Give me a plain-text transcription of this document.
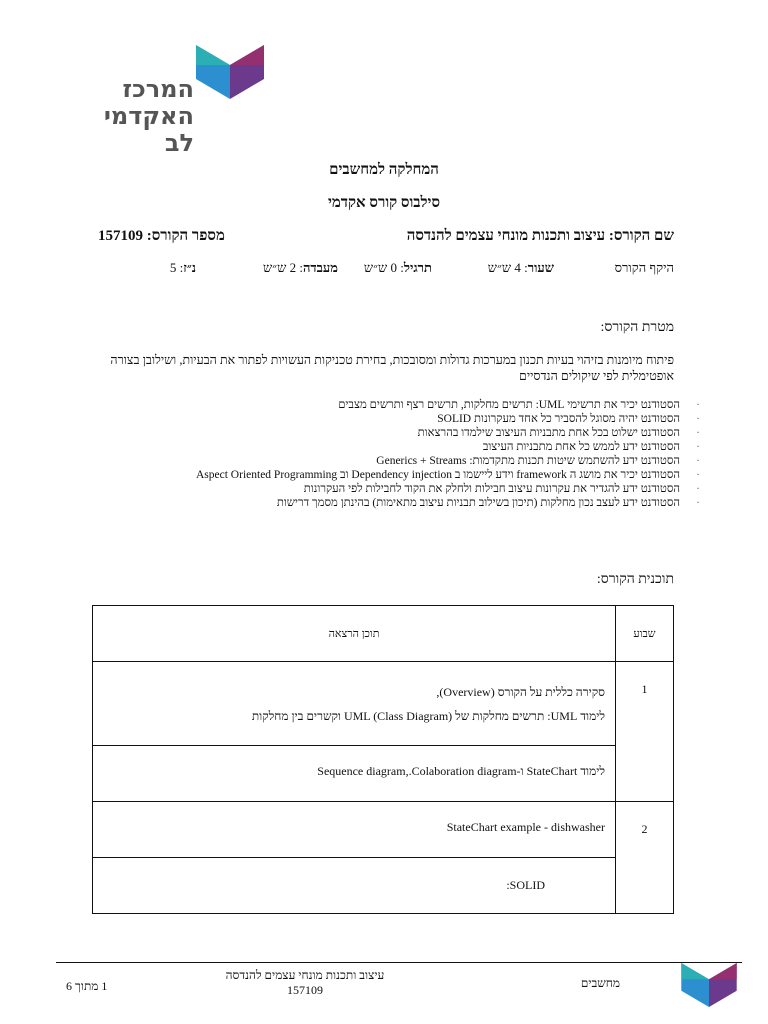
המרכז
האקדמי
לב
המחלקה למחשבים
סילבוס קורס אקדמי
שם הקורס: עיצוב ותכנות מונחי עצמים להנדסה
מספר הקורס: 157109
היקף הקורס
שעור: 4 ש״ש
תרגיל: 0 ש״ש
מעבדה: 2 ש״ש
נ״ז: 5
מטרת הקורס:
פיתוח מיומנות בזיהוי בעיות תכנון במערכות גדולות ומסובכות, בחירת טכניקות העשויות לפתור את הבעיות, ושילובן בצורה אופטימלית לפי שיקולים הנדסיים
הסטודנט יכיר את תרשימי UML: תרשים מחלקות, תרשים רצף ותרשים מצבים ·
הסטודנט יהיה מסוגל להסביר כל אחד מעקרונות SOLID ·
הסטודנט ישלוט בכל אחת מתבניות העיצוב שילמדו בהרצאות ·
הסטודנט ידע לממש כל אחת מתבניות העיצוב ·
הסטודנט ידע להשתמש שיטות תכנות מתקדמות: Generics + Streams ·
הסטודנט יכיר את מושג ה framework וידע ליישמו ב Dependency injection וב Aspect Oriented Programming ·
הסטודנט ידע להגדיר את עקרונות עיצוב חבילות ולחלק את הקוד לחבילות לפי העקרונות ·
הסטודנט ידע לעצב נכון מחלקות (תיכון בשילוב תבניות עיצוב מתאימות) בהינתן מסמך דרישות ·
תוכנית הקורס:
שבוע	תוכן הרצאה
1	סקירה כללית על הקורס (Overview),
לימוד UML: תרשים מחלקות של UML (Class Diagram) וקשרים בין מחלקות

	לימוד StateChart ו-Sequence diagram,.Colaboration diagram

2	StateChart example - dishwasher

	SOLID:
מחשבים
עיצוב ותכנות מונחי עצמים להנדסה
157109
1 מתוך 6
